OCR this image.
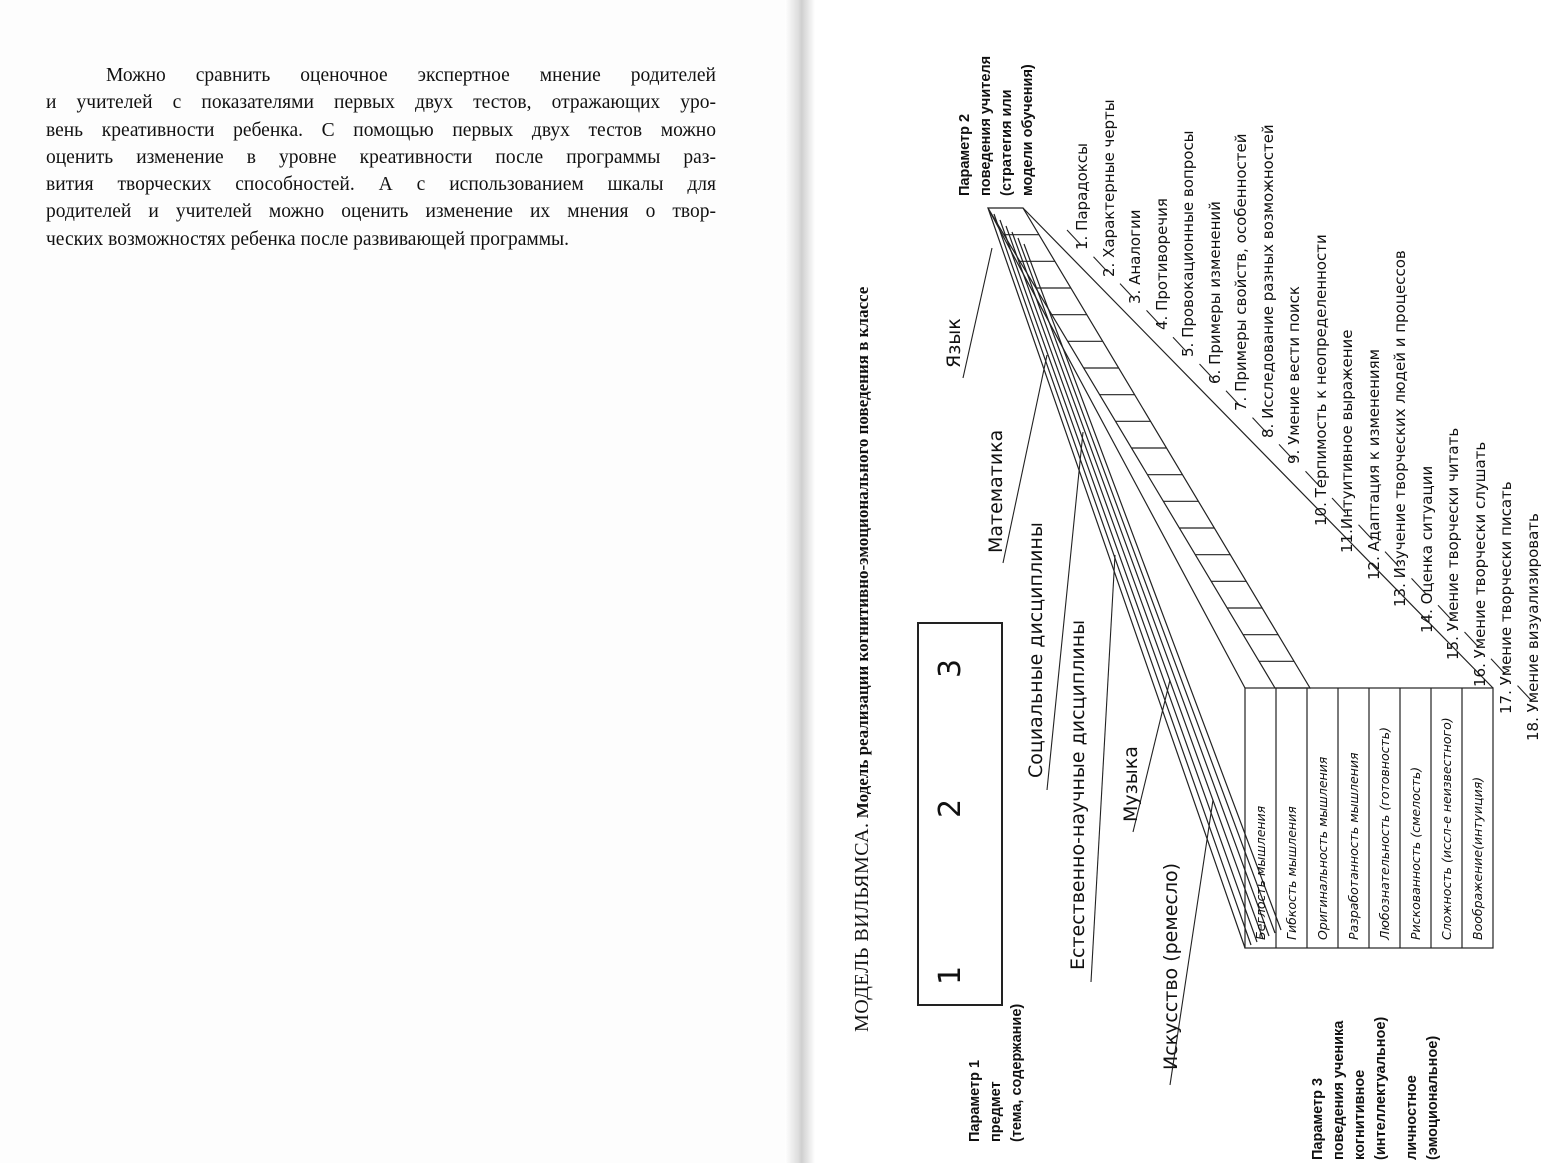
Можно сравнить оценочное экспертное мнение родителей
и учителей с показателями первых двух тестов, отражающих уро-
вень креативности ребенка. С помощью первых двух тестов можно
оценить изменение в уровне креативности после программы раз-
вития творческих способностей. А с использованием шкалы для
родителей и учителей можно оценить изменение их мнения о твор-
ческих возможностях ребенка после развивающей программы.

МОДЕЛЬ ВИЛЬЯМСА. Модель реализации когнитивно-эмоционального поведения в классе
1
2
3
Параметр 1 предмет (тема, содержание)
Параметр 2 поведения учителя (стратегия или модели обучения)
Параметр 3 поведения ученика когнитивное (интеллектуальное) личностное (эмоциональное)
Язык
Математика
Социальные дисциплины Естественно-научные дисциплины Музыка
Искусство (ремесло)
1. Парадоксы 2. Характерные черты 3. Аналогии 4. Противоречия 5. Провокационные вопросы 6. Примеры изменений 7. Примеры свойств, особенностей 8. Исследование разных возможностей 9. Умение вести поиск 10. Терпимость к неопределенности 11.Интуитивное выражение 12. Адаптация к изменениям 13. Изучение творческих людей и процессов 14. Оценка ситуации 15. Умение творчески читать 16. Умение творчески слушать 17. Умение творчески писать 18. Умение визуализировать
Беглость мышления Гибкость мышления Оригинальность мышления Разработанность мышления Любознательность (готовность) Рискованность (смелость) Сложность (иссл-е неизвестного) Воображение(интуиция)
